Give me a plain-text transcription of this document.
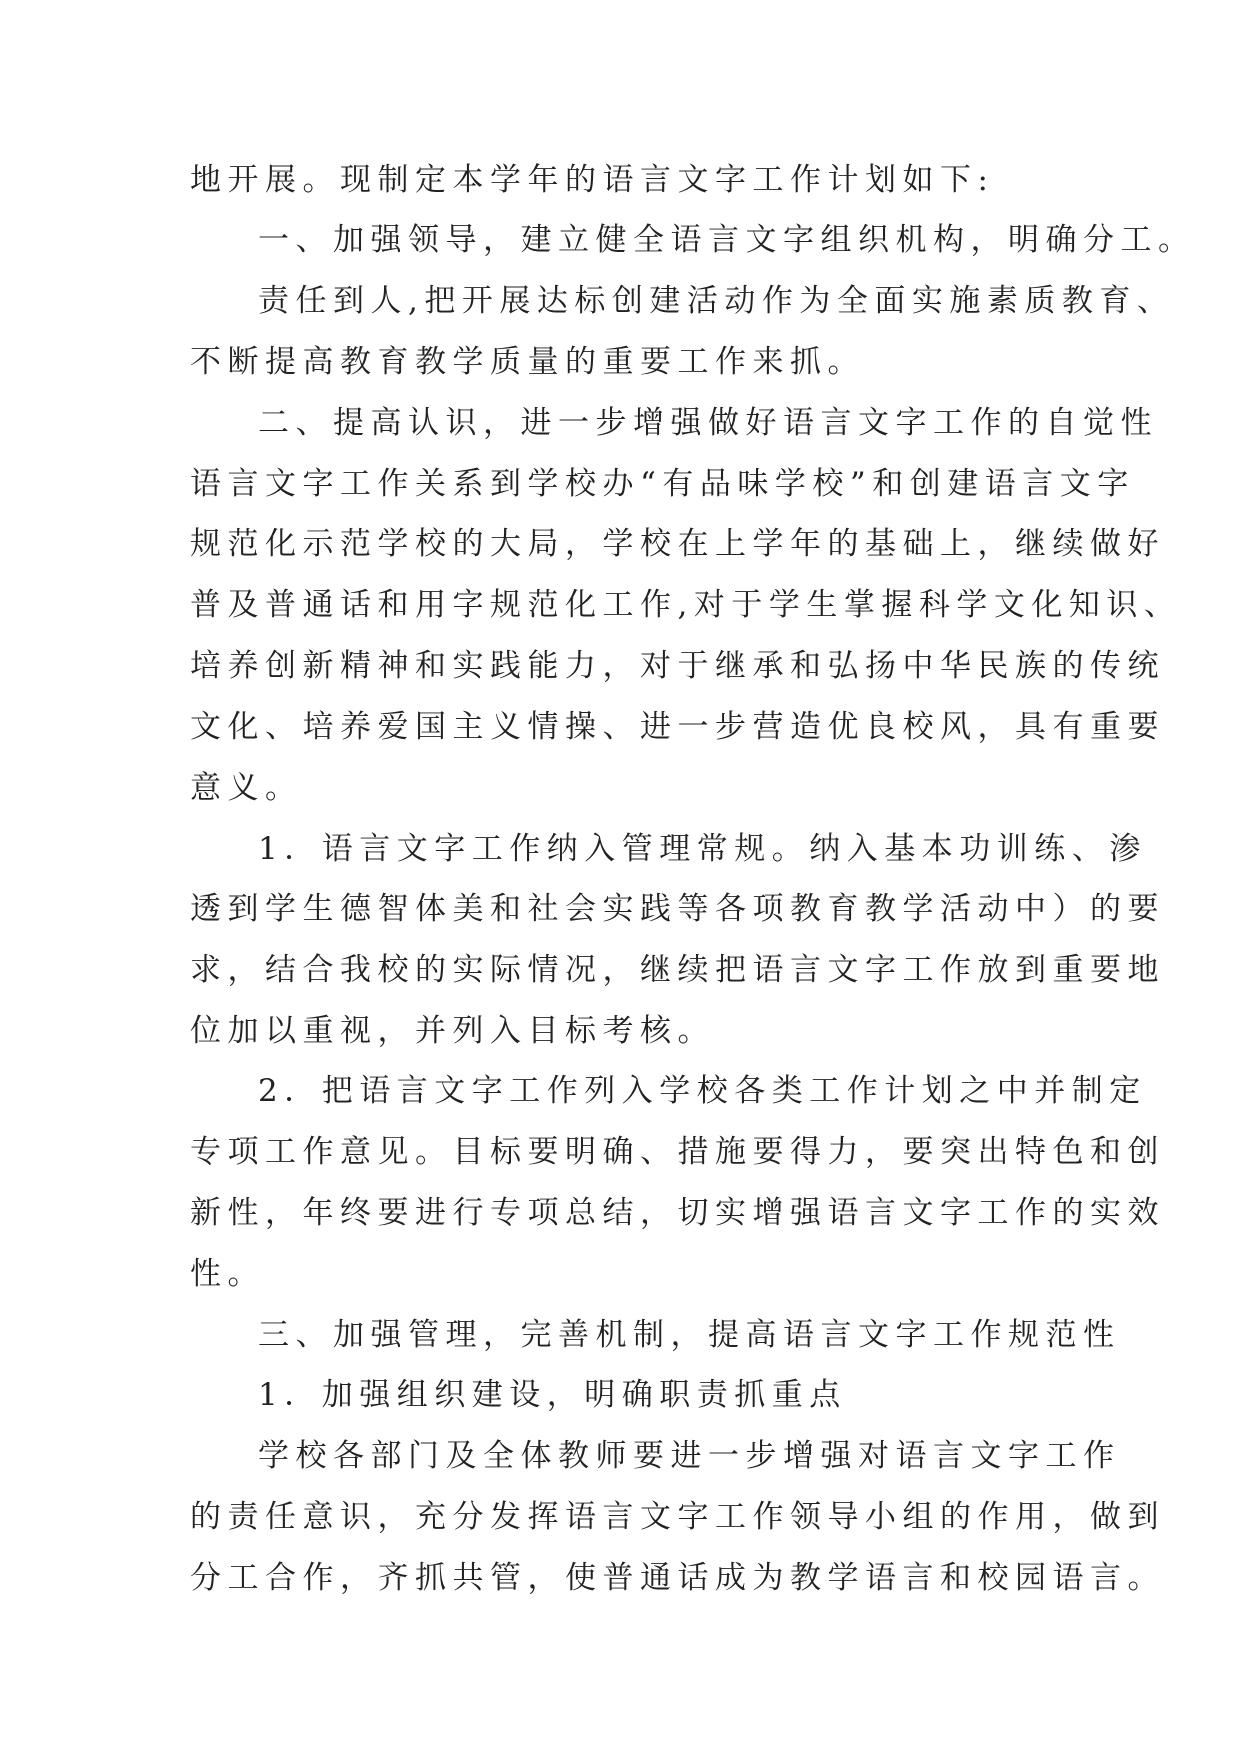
地开展。现制定本学年的语言文字工作计划如下:
一、加强领导，建立健全语言文字组织机构，明确分工。
责任到人,把开展达标创建活动作为全面实施素质教育、
不断提高教育教学质量的重要工作来抓。
二、提高认识，进一步增强做好语言文字工作的自觉性
语言文字工作关系到学校办“有品味学校”和创建语言文字
规范化示范学校的大局，学校在上学年的基础上，继续做好
普及普通话和用字规范化工作,对于学生掌握科学文化知识、
培养创新精神和实践能力，对于继承和弘扬中华民族的传统
文化、培养爱国主义情操、进一步营造优良校风，具有重要
意义。
1．语言文字工作纳入管理常规。纳入基本功训练、渗
透到学生德智体美和社会实践等各项教育教学活动中）的要
求，结合我校的实际情况，继续把语言文字工作放到重要地
位加以重视，并列入目标考核。
2．把语言文字工作列入学校各类工作计划之中并制定
专项工作意见。目标要明确、措施要得力，要突出特色和创
新性，年终要进行专项总结，切实增强语言文字工作的实效
性。
三、加强管理，完善机制，提高语言文字工作规范性
1．加强组织建设，明确职责抓重点
学校各部门及全体教师要进一步增强对语言文字工作
的责任意识，充分发挥语言文字工作领导小组的作用，做到
分工合作，齐抓共管，使普通话成为教学语言和校园语言。
